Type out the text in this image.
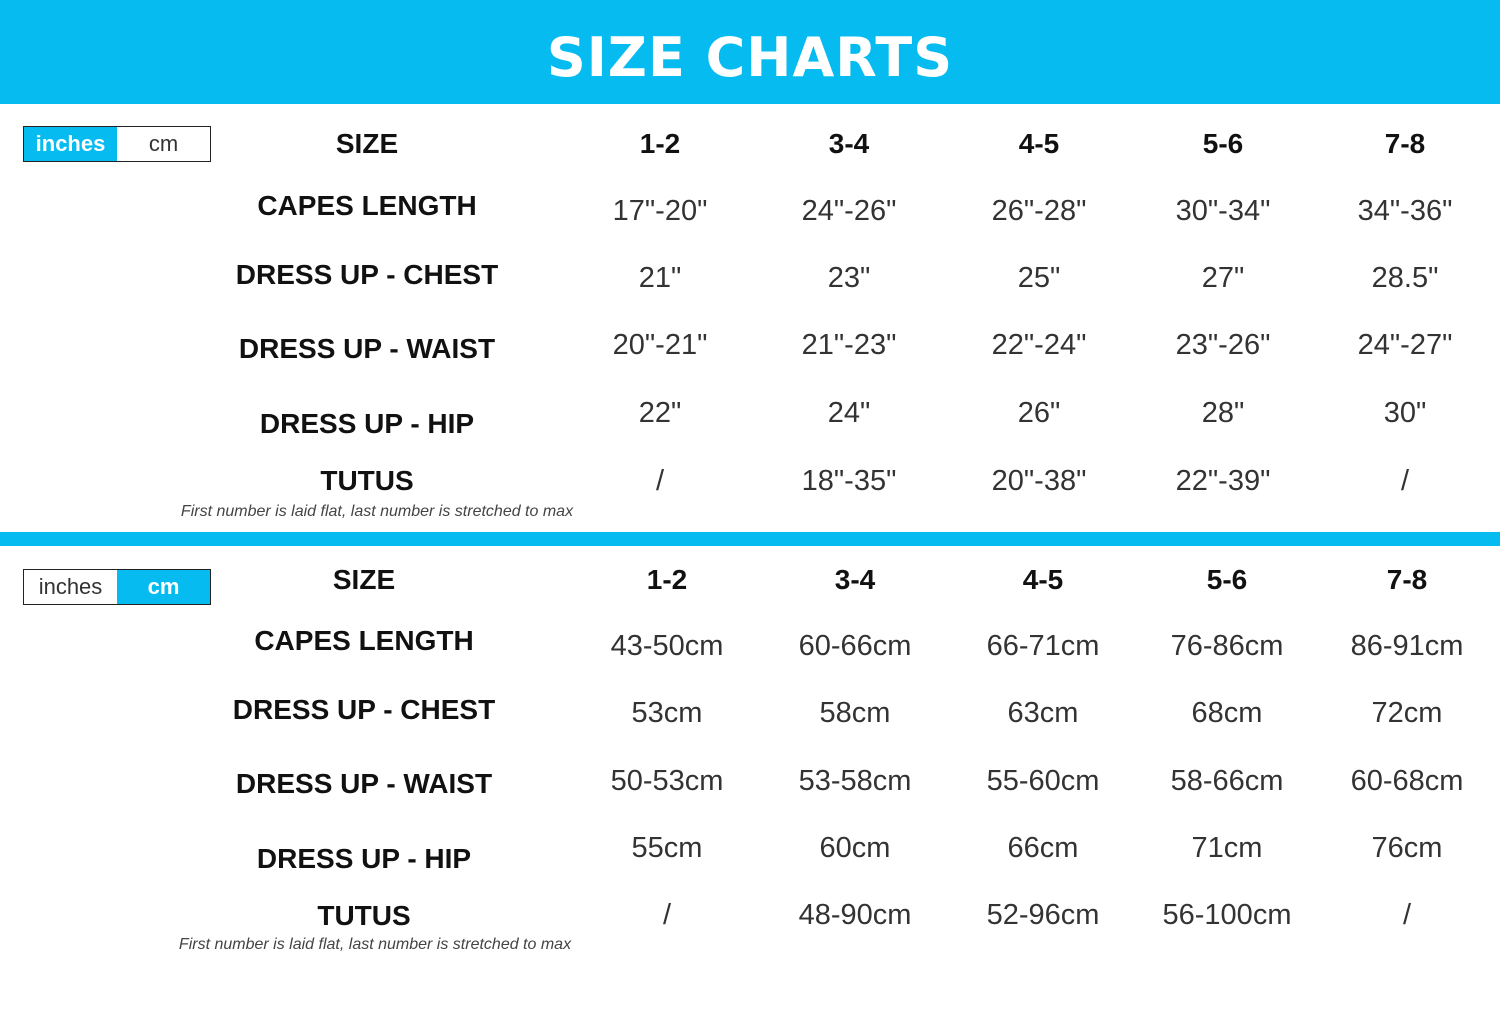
SIZE CHARTS
inches	cm	SIZE	1-2	3-4	4-5	5-6	7-8
CAPES LENGTH	17"-20"	24"-26"	26"-28"	30"-34"	34"-36"
DRESS UP - CHEST	21"	23"	25"	27"	28.5"
DRESS UP - WAIST	20"-21"	21"-23"	22"-24"	23"-26"	24"-27"
DRESS UP - HIP	22"	24"	26"	28"	30"
TUTUS	/	18"-35"	20"-38"	22"-39"	/
First number is laid flat, last number is stretched to max
inches	cm	SIZE	1-2	3-4	4-5	5-6	7-8
CAPES LENGTH	43-50cm	60-66cm	66-71cm 76-86cm 86-91cm
DRESS UP - CHEST	53cm	58cm	63cm	68cm	72cm
DRESS UP - WAIST	50-53cm	53-58cm	55-60cm 58-66cm 60-68cm
DRESS UP - HIP	55cm	60cm	66cm	71cm	76cm
TUTUS	/	48-90cm	52-96cm 56-100cm	/
First number is laid flat, last number is stretched to max
